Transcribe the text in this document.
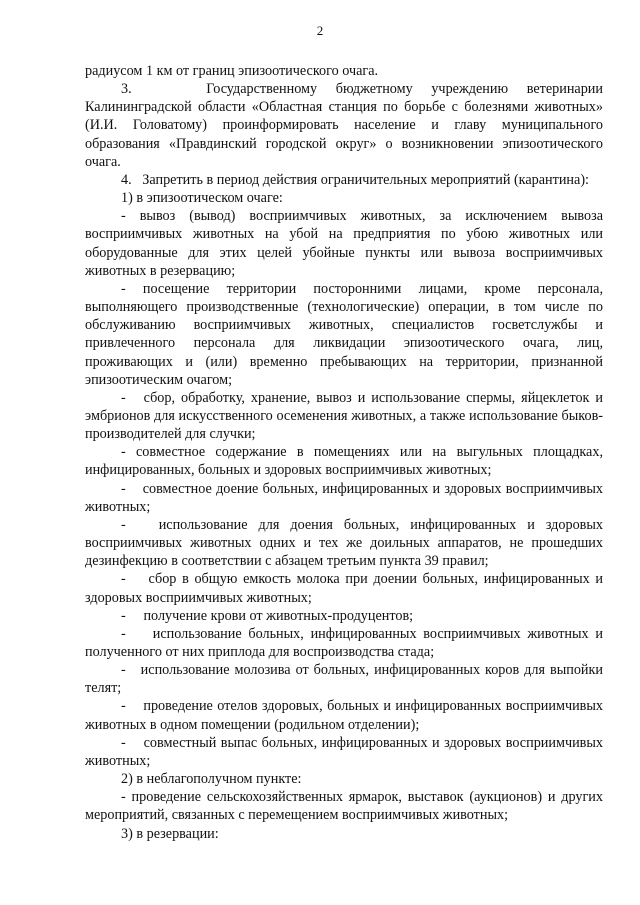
2

радиусом 1 км от границ эпизоотического очага.

3.    Государственному бюджетному учреждению ветеринарии Калининградской области «Областная станция по борьбе с болезнями животных» (И.И. Головатому) проинформировать население и главу муниципального образования «Правдинский городской округ» о возникновении эпизоотического очага.

4.   Запретить в период действия ограничительных мероприятий (карантина):

1) в эпизоотическом очаге:

- вывоз (вывод) восприимчивых животных, за исключением вывоза восприимчивых животных на убой на предприятия по убою животных или оборудованные для этих целей убойные пункты или вывоза восприимчивых животных в резервацию;

- посещение территории посторонними лицами, кроме персонала, выполняющего производственные (технологические) операции, в том числе по обслуживанию восприимчивых животных, специалистов госветслужбы и привлеченного персонала для ликвидации эпизоотического очага, лиц, проживающих и (или) временно пребывающих на территории, признанной эпизоотическим очагом;

-   сбор, обработку, хранение, вывоз и использование спермы, яйцеклеток и эмбрионов для искусственного осеменения животных, а также использование быков-производителей для случки;

- совместное содержание в помещениях или на выгульных площадках, инфицированных, больных и здоровых восприимчивых животных;

-    совместное доение больных, инфицированных и здоровых восприимчивых животных;

-   использование для доения больных, инфицированных и здоровых восприимчивых животных одних и тех же доильных аппаратов, не прошедших дезинфекцию в соответствии с абзацем третьим пункта 39 правил;

-    сбор в общую емкость молока при доении больных, инфицированных и здоровых восприимчивых животных;

-     получение крови от животных-продуцентов;

-    использование больных, инфицированных восприимчивых животных и полученного от них приплода для воспроизводства стада;

-   использование молозива от больных, инфицированных коров для выпойки телят;

-    проведение отелов здоровых, больных и инфицированных восприимчивых животных в одном помещении (родильном отделении);

-    совместный выпас больных, инфицированных и здоровых восприимчивых животных;

2) в неблагополучном пункте:

- проведение сельскохозяйственных ярмарок, выставок (аукционов) и других мероприятий, связанных с перемещением восприимчивых животных;

3) в резервации:
